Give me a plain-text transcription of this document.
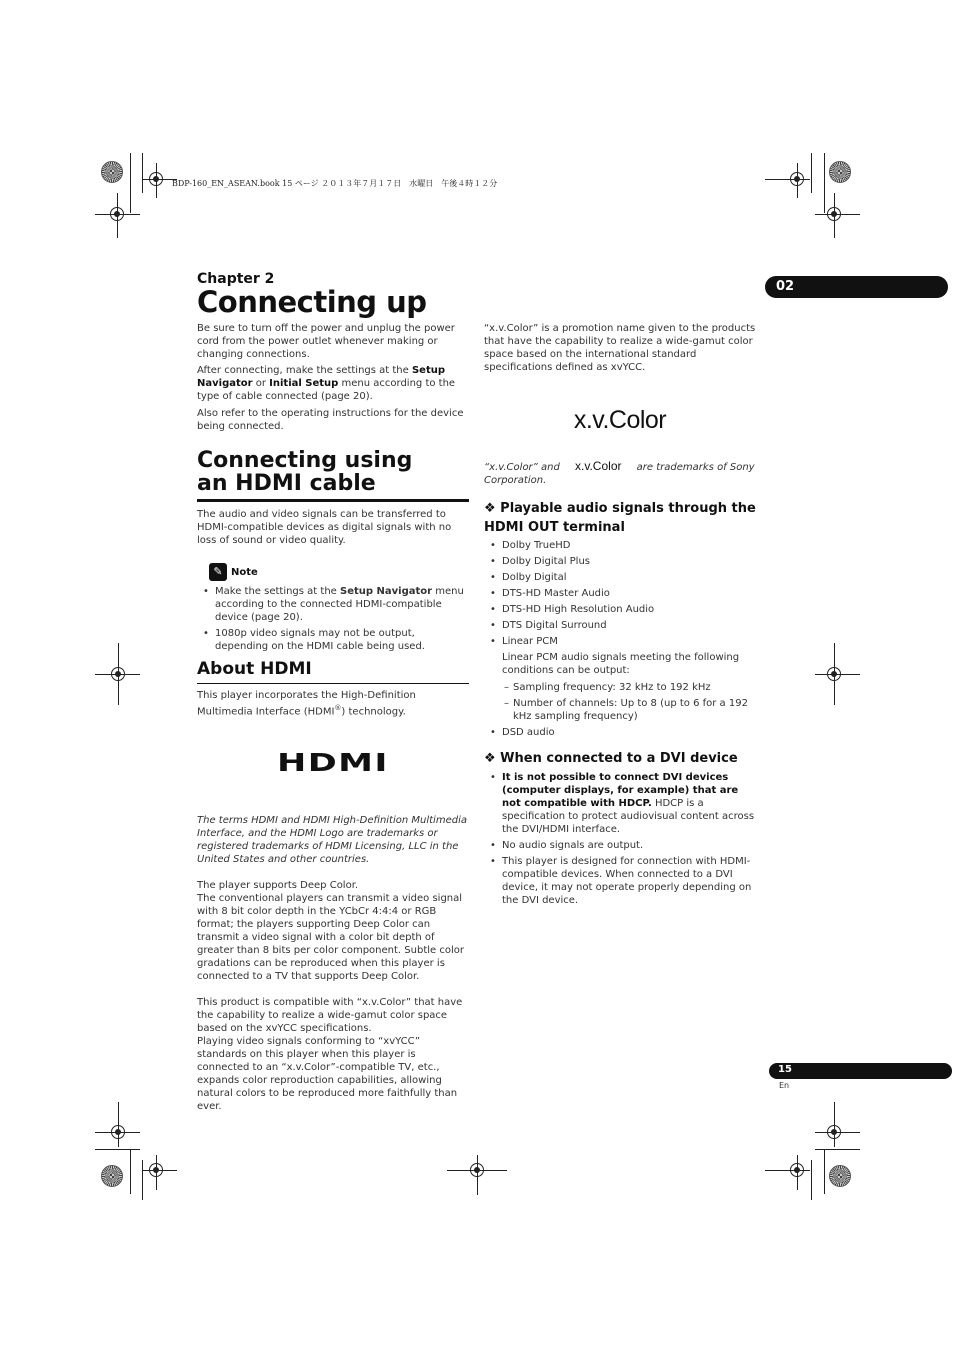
BDP-160_EN_ASEAN.book 15 ページ ２０１３年７月１７日　水曜日　午後４時１２分
02
Chapter 2
Connecting up

Be sure to turn off the power and unplug the power cord from the power outlet whenever making or changing connections.

After connecting, make the settings at the Setup Navigator or Initial Setup menu according to the type of cable connected (page 20).

Also refer to the operating instructions for the device being connected.

Connecting using an HDMI cable

The audio and video signals can be transferred to HDMI-compatible devices as digital signals with no loss of sound or video quality.

✎ Note
• Make the settings at the Setup Navigator menu according to the connected HDMI-compatible device (page 20).
• 1080p video signals may not be output, depending on the HDMI cable being used.
About HDMI

This player incorporates the High-Definition Multimedia Interface (HDMI®) technology.

HDMI

The terms HDMI and HDMI High-Definition Multimedia Interface, and the HDMI Logo are trademarks or registered trademarks of HDMI Licensing, LLC in the United States and other countries.

The player supports Deep Color.
The conventional players can transmit a video signal with 8 bit color depth in the YCbCr 4:4:4 or RGB format; the players supporting Deep Color can transmit a video signal with a color bit depth of greater than 8 bits per color component. Subtle color gradations can be reproduced when this player is connected to a TV that supports Deep Color.

This product is compatible with “x.v.Color” that have the capability to realize a wide-gamut color space based on the xvYCC specifications.
Playing video signals conforming to “xvYCC” standards on this player when this player is connected to an “x.v.Color”-compatible TV, etc., expands color reproduction capabilities, allowing natural colors to be reproduced more faithfully than ever.

“x.v.Color” is a promotion name given to the products that have the capability to realize a wide-gamut color space based on the international standard specifications defined as xvYCC.

x.v.Color

“x.v.Color” and x.v.Color are trademarks of Sony
Corporation.

❖ Playable audio signals through the HDMI OUT terminal
• Dolby TrueHD
• Dolby Digital Plus
• Dolby Digital
• DTS-HD Master Audio
• DTS-HD High Resolution Audio
• DTS Digital Surround
• Linear PCM

Linear PCM audio signals meeting the following conditions can be output:

– Sampling frequency: 32 kHz to 192 kHz
– Number of channels: Up to 8 (up to 6 for a 192 kHz sampling frequency)
• DSD audio
❖ When connected to a DVI device
• It is not possible to connect DVI devices (computer displays, for example) that are not compatible with HDCP. HDCP is a specification to protect audiovisual content across the DVI/HDMI interface.
• No audio signals are output.
• This player is designed for connection with HDMI-compatible devices. When connected to a DVI device, it may not operate properly depending on the DVI device.
15
En
